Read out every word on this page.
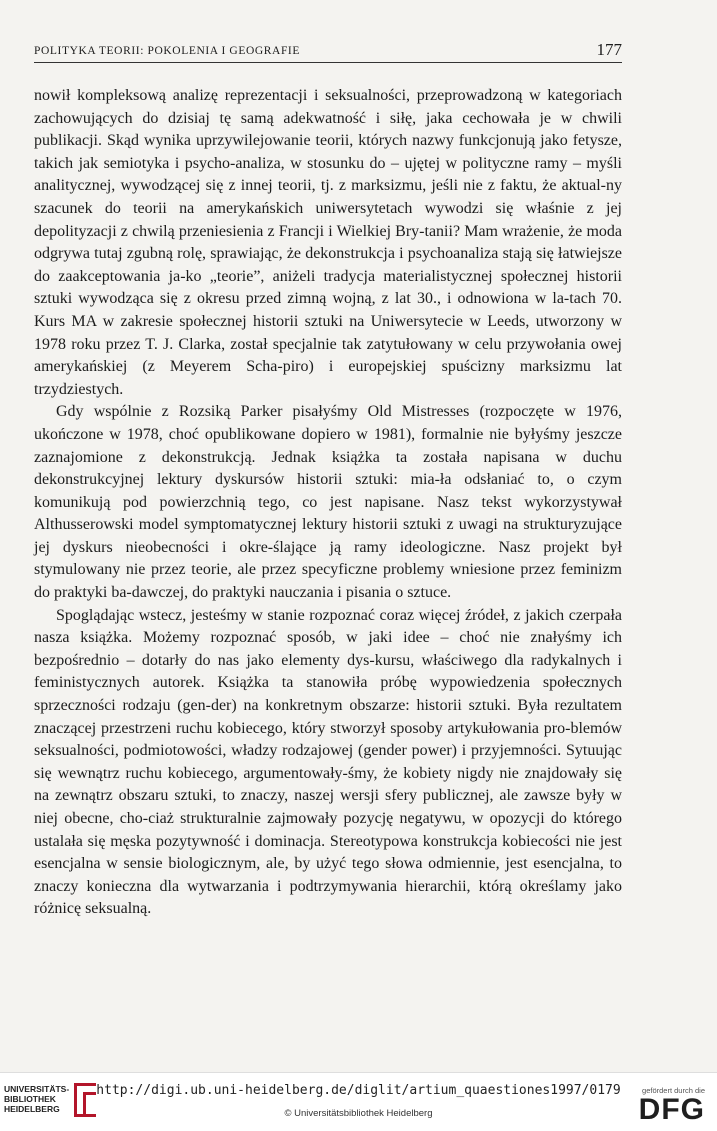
POLITYKA TEORII: POKOLENIA I GEOGRAFIE	177

nowił kompleksową analizę reprezentacji i seksualności, przeprowadzoną w kategoriach zachowujących do dzisiaj tę samą adekwatność i siłę, jaka cechowała je w chwili publikacji. Skąd wynika uprzywilejowanie teorii, których nazwy funkcjonują jako fetysze, takich jak semiotyka i psycho-analiza, w stosunku do – ujętej w polityczne ramy – myśli analitycznej, wywodzącej się z innej teorii, tj. z marksizmu, jeśli nie z faktu, że aktual-ny szacunek do teorii na amerykańskich uniwersytetach wywodzi się właśnie z jej depolityzacji z chwilą przeniesienia z Francji i Wielkiej Bry-tanii? Mam wrażenie, że moda odgrywa tutaj zgubną rolę, sprawiając, że dekonstrukcja i psychoanaliza stają się łatwiejsze do zaakceptowania ja-ko „teorie”, aniżeli tradycja materialistycznej społecznej historii sztuki wywodząca się z okresu przed zimną wojną, z lat 30., i odnowiona w la-tach 70. Kurs MA w zakresie społecznej historii sztuki na Uniwersytecie w Leeds, utworzony w 1978 roku przez T. J. Clarka, został specjalnie tak zatytułowany w celu przywołania owej amerykańskiej (z Meyerem Scha-piro) i europejskiej spuścizny marksizmu lat trzydziestych.

Gdy wspólnie z Rozsiką Parker pisałyśmy Old Mistresses (rozpoczęte w 1976, ukończone w 1978, choć opublikowane dopiero w 1981), formalnie nie byłyśmy jeszcze zaznajomione z dekonstrukcją. Jednak książka ta została napisana w duchu dekonstrukcyjnej lektury dyskursów historii sztuki: mia-ła odsłaniać to, o czym komunikują pod powierzchnią tego, co jest napisane. Nasz tekst wykorzystywał Althusserowski model symptomatycznej lektury historii sztuki z uwagi na strukturyzujące jej dyskurs nieobecności i okre-ślające ją ramy ideologiczne. Nasz projekt był stymulowany nie przez teorie, ale przez specyficzne problemy wniesione przez feminizm do praktyki ba-dawczej, do praktyki nauczania i pisania o sztuce.

Spoglądając wstecz, jesteśmy w stanie rozpoznać coraz więcej źródeł, z jakich czerpała nasza książka. Możemy rozpoznać sposób, w jaki idee – choć nie znałyśmy ich bezpośrednio – dotarły do nas jako elementy dys-kursu, właściwego dla radykalnych i feministycznych autorek. Książka ta stanowiła próbę wypowiedzenia społecznych sprzeczności rodzaju (gen-der) na konkretnym obszarze: historii sztuki. Była rezultatem znaczącej przestrzeni ruchu kobiecego, który stworzył sposoby artykułowania pro-blemów seksualności, podmiotowości, władzy rodzajowej (gender power) i przyjemności. Sytuując się wewnątrz ruchu kobiecego, argumentowały-śmy, że kobiety nigdy nie znajdowały się na zewnątrz obszaru sztuki, to znaczy, naszej wersji sfery publicznej, ale zawsze były w niej obecne, cho-ciaż strukturalnie zajmowały pozycję negatywu, w opozycji do którego ustalała się męska pozytywność i dominacja. Stereotypowa konstrukcja kobiecości nie jest esencjalna w sensie biologicznym, ale, by użyć tego słowa odmiennie, jest esencjalna, to znaczy konieczna dla wytwarzania i podtrzymywania hierarchii, którą określamy jako różnicę seksualną.

UNIVERSITÄTS-
BIBLIOTHEK
HEIDELBERG
http://digi.ub.uni-heidelberg.de/diglit/artium_quaestiones1997/0179
© Universitätsbibliothek Heidelberg
gefördert durch die
DFG
